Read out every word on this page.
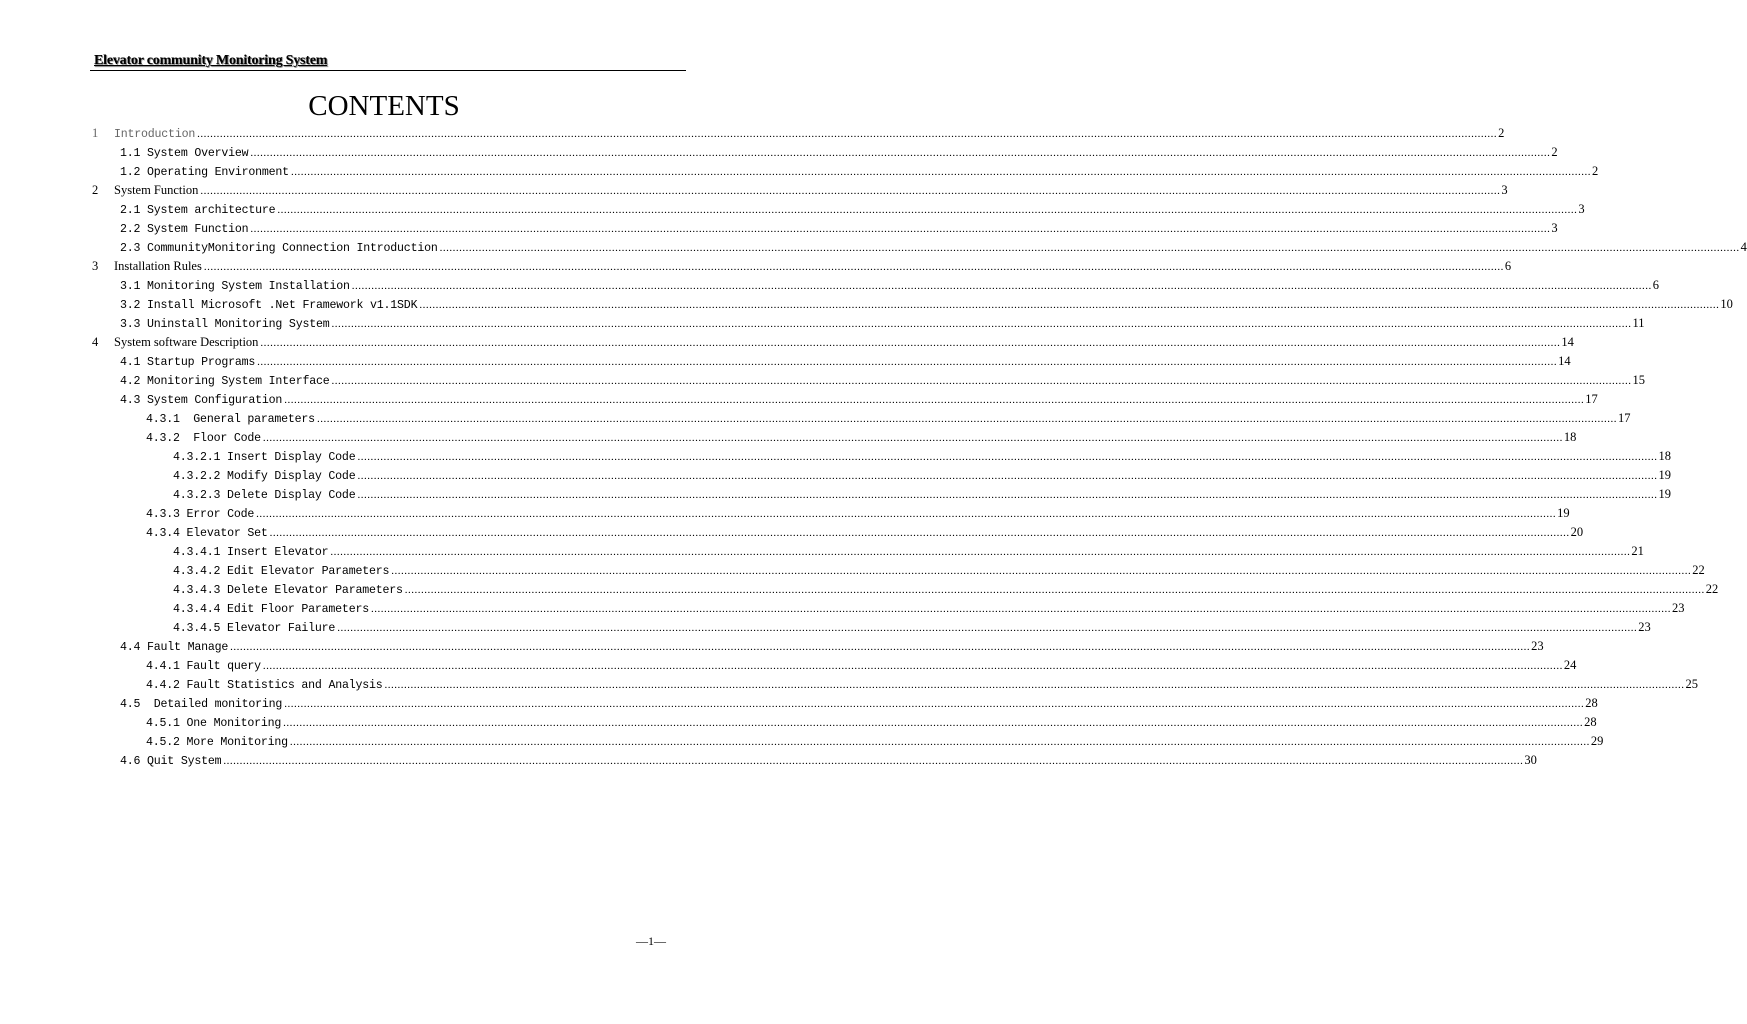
Elevator community Monitoring System
CONTENTS
1	Introduction ................................................................................................................................................................................................................................................................................................................................................................................................................ 2
1.1 System Overview ................................................................................................................................................................................................................................................................................................................................................................................................................ 2
1.2 Operating Environment ................................................................................................................................................................................................................................................................................................................................................................................................................ 2
2	System Function ................................................................................................................................................................................................................................................................................................................................................................................................................ 3
2.1 System architecture ................................................................................................................................................................................................................................................................................................................................................................................................................ 3
2.2 System Function ................................................................................................................................................................................................................................................................................................................................................................................................................ 3
2.3 CommunityMonitoring Connection Introduction ................................................................................................................................................................................................................................................................................................................................................................................................................ 4
3	Installation Rules ................................................................................................................................................................................................................................................................................................................................................................................................................ 6
3.1 Monitoring System Installation ................................................................................................................................................................................................................................................................................................................................................................................................................ 6
3.2 Install Microsoft .Net Framework v1.1SDK ................................................................................................................................................................................................................................................................................................................................................................................................................ 10
3.3 Uninstall Monitoring System ................................................................................................................................................................................................................................................................................................................................................................................................................ 11
4	System software Description ................................................................................................................................................................................................................................................................................................................................................................................................................ 14
4.1 Startup Programs ................................................................................................................................................................................................................................................................................................................................................................................................................ 14
4.2 Monitoring System Interface ................................................................................................................................................................................................................................................................................................................................................................................................................ 15
4.3 System Configuration ................................................................................................................................................................................................................................................................................................................................................................................................................ 17
4.3.1  General parameters ................................................................................................................................................................................................................................................................................................................................................................................................................ 17
4.3.2  Floor Code ................................................................................................................................................................................................................................................................................................................................................................................................................ 18
4.3.2.1 Insert Display Code ................................................................................................................................................................................................................................................................................................................................................................................................................ 18
4.3.2.2 Modify Display Code ................................................................................................................................................................................................................................................................................................................................................................................................................ 19
4.3.2.3 Delete Display Code ................................................................................................................................................................................................................................................................................................................................................................................................................ 19
4.3.3 Error Code ................................................................................................................................................................................................................................................................................................................................................................................................................ 19
4.3.4 Elevator Set ................................................................................................................................................................................................................................................................................................................................................................................................................ 20
4.3.4.1 Insert Elevator ................................................................................................................................................................................................................................................................................................................................................................................................................ 21
4.3.4.2 Edit Elevator Parameters ................................................................................................................................................................................................................................................................................................................................................................................................................ 22
4.3.4.3 Delete Elevator Parameters ................................................................................................................................................................................................................................................................................................................................................................................................................ 22
4.3.4.4 Edit Floor Parameters ................................................................................................................................................................................................................................................................................................................................................................................................................ 23
4.3.4.5 Elevator Failure ................................................................................................................................................................................................................................................................................................................................................................................................................ 23
4.4 Fault Manage ................................................................................................................................................................................................................................................................................................................................................................................................................ 23
4.4.1 Fault query ................................................................................................................................................................................................................................................................................................................................................................................................................ 24
4.4.2 Fault Statistics and Analysis ................................................................................................................................................................................................................................................................................................................................................................................................................ 25
4.5  Detailed monitoring ................................................................................................................................................................................................................................................................................................................................................................................................................ 28
4.5.1 One Monitoring ................................................................................................................................................................................................................................................................................................................................................................................................................ 28
4.5.2 More Monitoring ................................................................................................................................................................................................................................................................................................................................................................................................................ 29
4.6 Quit System ................................................................................................................................................................................................................................................................................................................................................................................................................ 30
—1—
